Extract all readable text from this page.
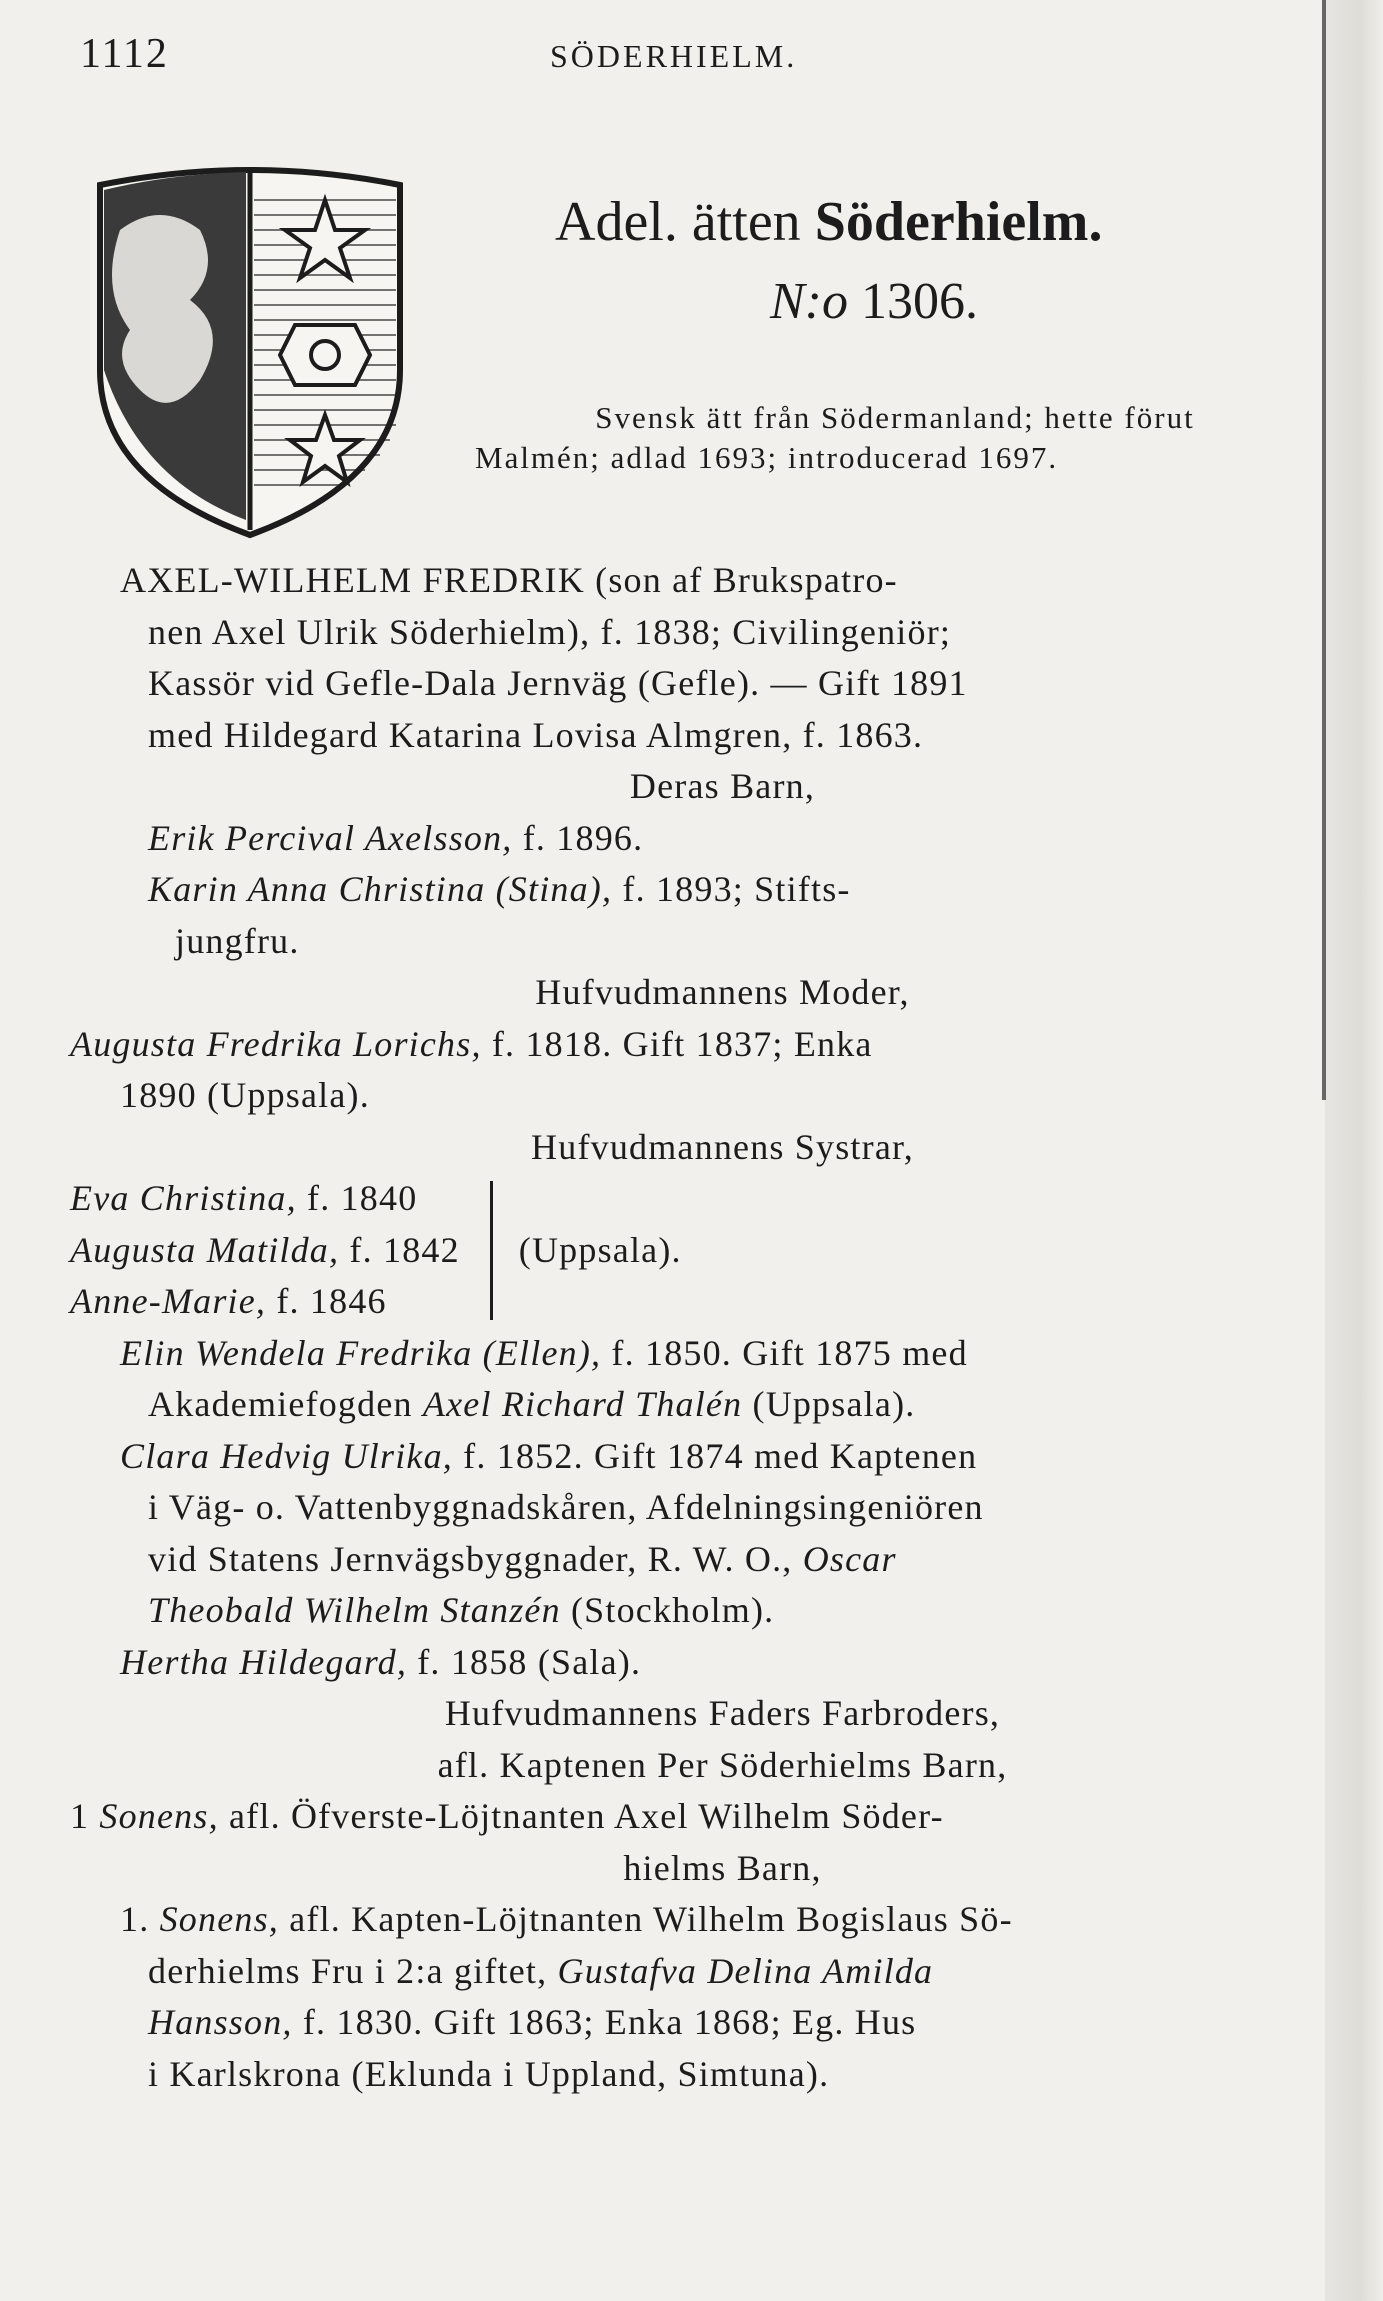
1112	SÖDERHIELM.
Adel. ätten Söderhielm.
N:o 1306.
Svensk ätt från Södermanland; hette förut
Malmén; adlad 1693; introducerad 1697.
AXEL-WILHELM FREDRIK (son af Brukspatro-
nen Axel Ulrik Söderhielm), f. 1838; Civilingeniör;
Kassör vid Gefle-Dala Jernväg (Gefle). — Gift 1891
med Hildegard Katarina Lovisa Almgren, f. 1863.
Deras Barn,
Erik Percival Axelsson, f. 1896.
Karin Anna Christina (Stina), f. 1893; Stifts-
jungfru.
Hufvudmannens Moder,
Augusta Fredrika Lorichs, f. 1818. Gift 1837; Enka
1890 (Uppsala).
Hufvudmannens Systrar,
Eva Christina, f. 1840
Augusta Matilda, f. 1842
Anne-Marie, f. 1846
(Uppsala).
Elin Wendela Fredrika (Ellen), f. 1850. Gift 1875 med
Akademiefogden Axel Richard Thalén (Uppsala).
Clara Hedvig Ulrika, f. 1852. Gift 1874 med Kaptenen
i Väg- o. Vattenbyggnadskåren, Afdelningsingeniören
vid Statens Jernvägsbyggnader, R. W. O., Oscar
Theobald Wilhelm Stanzén (Stockholm).
Hertha Hildegard, f. 1858 (Sala).
Hufvudmannens Faders Farbroders,
afl. Kaptenen Per Söderhielms Barn,
1 Sonens, afl. Öfverste-Löjtnanten Axel Wilhelm Söder-
hielms Barn,
1. Sonens, afl. Kapten-Löjtnanten Wilhelm Bogislaus Sö-
derhielms Fru i 2:a giftet, Gustafva Delina Amilda
Hansson, f. 1830. Gift 1863; Enka 1868; Eg. Hus
i Karlskrona (Eklunda i Uppland, Simtuna).
